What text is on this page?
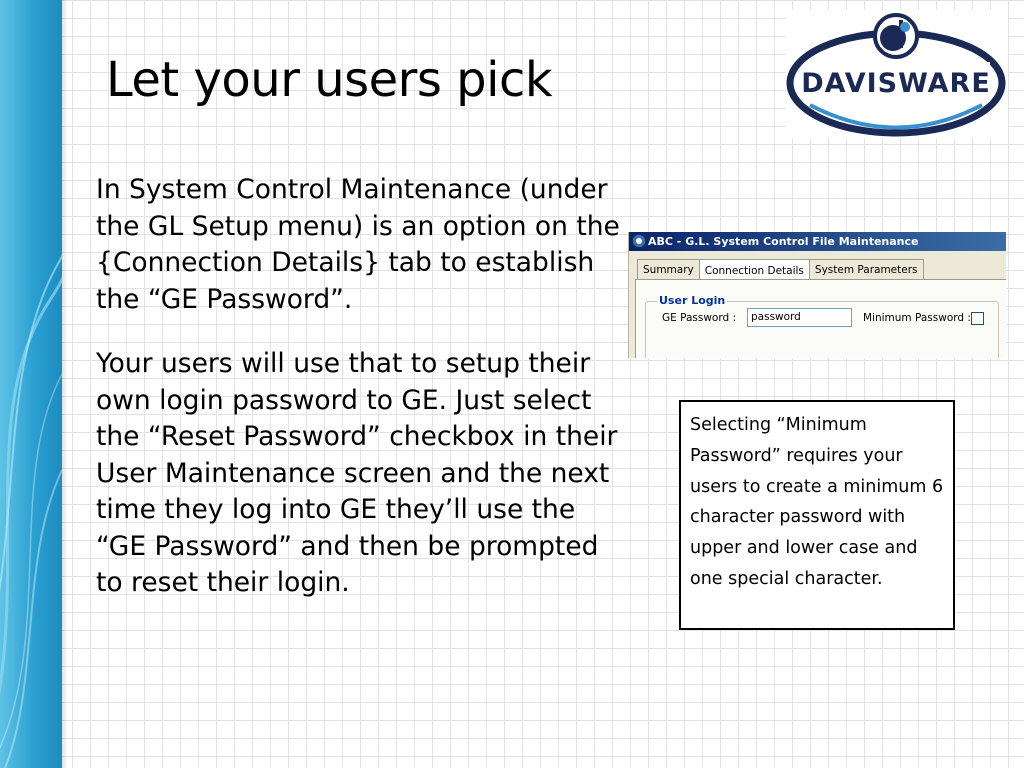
Let your users pick	DAVISWARE

In System Control Maintenance (under the GL Setup menu) is an option on the {Connection Details} tab to establish the “GE Password”.

Your users will use that to setup their own login password to GE. Just select the “Reset Password” checkbox in their User Maintenance screen and the next time they log into GE they’ll use the “GE Password” and then be prompted to reset their login.

ABC - G.L. System Control File Maintenance
Summary Connection Details System Parameters
User Login
GE Password :	password	Minimum Password :
Selecting “Minimum Password” requires your users to create a minimum 6 character password with upper and lower case and one special character.
